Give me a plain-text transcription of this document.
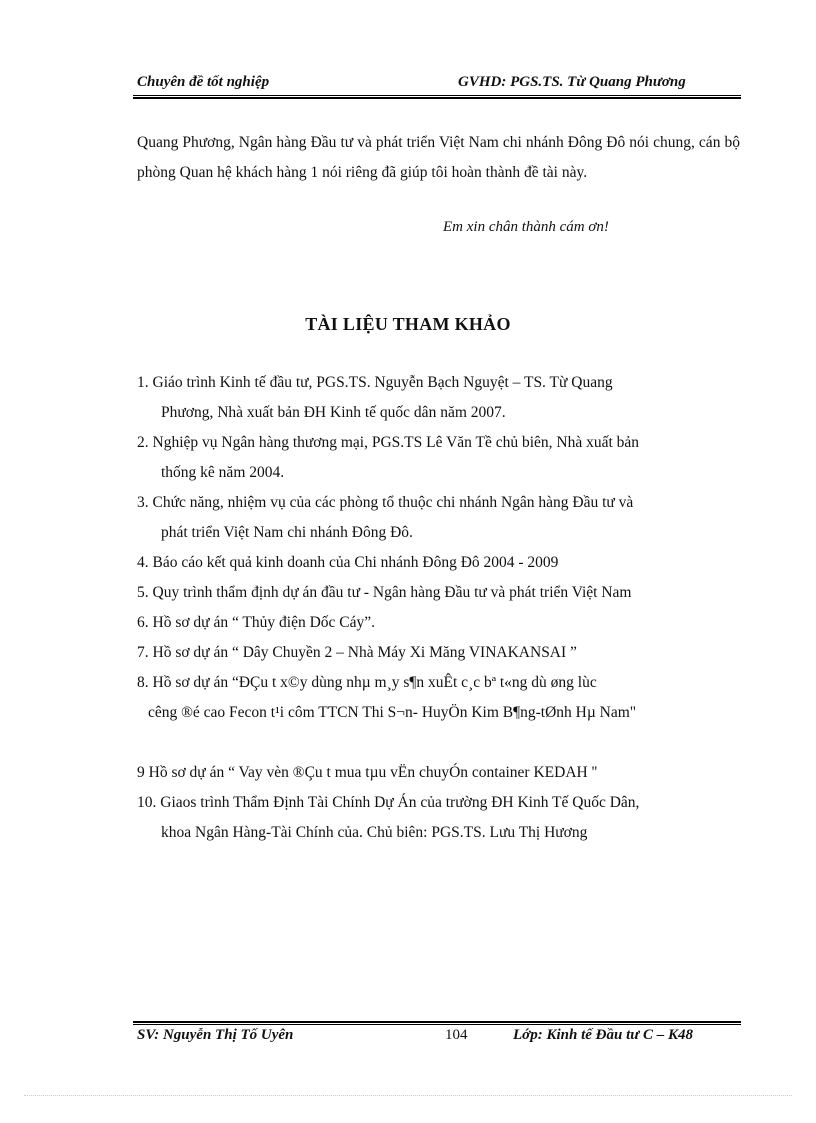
Chuyên đề tốt nghiệp	GVHD: PGS.TS. Từ Quang Phương
Quang Phương, Ngân hàng Đầu tư và phát triển Việt Nam chi nhánh Đông Đô nói chung, cán bộ phòng Quan hệ khách hàng 1 nói riêng đã giúp tôi hoàn thành đề tài này.
Em xin chân thành cám ơn!
TÀI LIỆU THAM KHẢO
1. Giáo trình Kinh tế đầu tư, PGS.TS. Nguyễn Bạch Nguyệt – TS. Từ Quang
Phương, Nhà xuất bản ĐH Kinh tế quốc dân năm 2007.
2. Nghiệp vụ Ngân hàng thương mại, PGS.TS Lê Văn Tề chủ biên, Nhà xuất bản
thống kê năm 2004.
3. Chức năng, nhiệm vụ của các phòng tổ thuộc chi nhánh Ngân hàng Đầu tư và
phát triển Việt Nam chi nhánh Đông Đô.
4. Báo cáo kết quả kinh doanh của Chi nhánh Đông Đô 2004 - 2009
5. Quy trình thẩm định dự án đầu tư - Ngân hàng Đầu tư và phát triển Việt Nam
6. Hồ sơ dự án “ Thủy điện Dốc Cáy”.
7. Hồ sơ dự án “ Dây Chuyền 2 – Nhà Máy Xi Măng VINAKANSAI ”
8. Hồ sơ dự án “ĐÇu t x©y dùng nhµ m¸y s¶n xuÊt c¸c bª t«ng dù øng lùc
cêng ®é cao Fecon t¹i côm TTCN Thi S¬n- HuyÖn Kim B¶ng-tØnh Hµ Nam"
9 Hồ sơ dự án “ Vay vèn ®Çu t mua tµu vËn chuyÓn container KEDAH ''
10. Giaos trình Thẩm Định Tài Chính Dự Án của trường ĐH Kinh Tế Quốc Dân,
khoa Ngân Hàng-Tài Chính của. Chủ biên: PGS.TS. Lưu Thị Hương
SV: Nguyễn Thị Tố Uyên	104	Lớp: Kinh tế Đầu tư C – K48
